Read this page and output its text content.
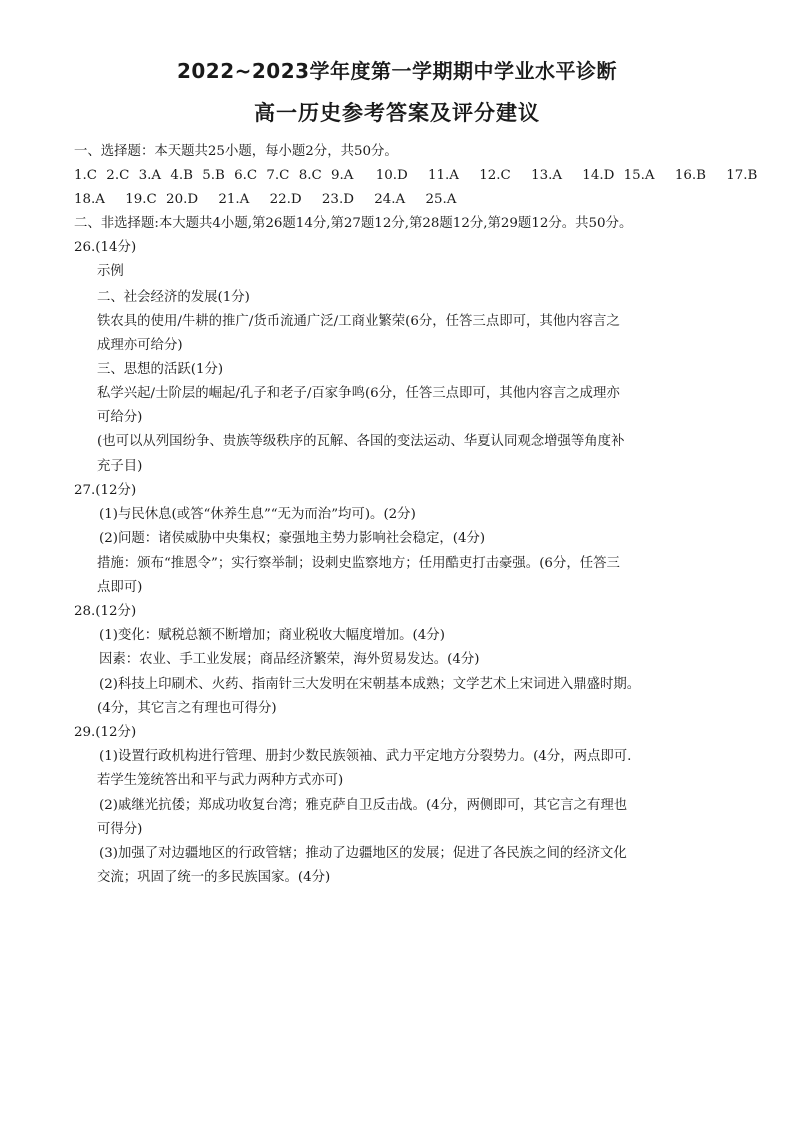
2022~2023学年度第一学期期中学业水平诊断
高一历史参考答案及评分建议
一、选择题：本天题共25小题，每小题2分，共50分。
1.C 2.C 3.A 4.B 5.B 6.C 7.C 8.C 9.A 10.D 11.A 12.C 13.A 14.D 15.A 16.B 17.B
18.A 19.C 20.D 21.A 22.D 23.D 24.A 25.A
二、非选择题:本大题共4小题,第26题14分,第27题12分,第28题12分,第29题12分。共50分。
26.(14分)
示例
二、社会经济的发展(1分)
铁农具的使用/牛耕的推广/货币流通广泛/工商业繁荣(6分，任答三点即可，其他内容言之
成理亦可给分)
三、思想的活跃(1分)
私学兴起/士阶层的崛起/孔子和老子/百家争鸣(6分，任答三点即可，其他内容言之成理亦
可给分)
(也可以从列国纷争、贵族等级秩序的瓦解、各国的变法运动、华夏认同观念增强等角度补
充子目)
27.(12分)
(1)与民休息(或答“休养生息”“无为而治”均可)。(2分)
(2)问题：诸侯威胁中央集权；豪强地主势力影响社会稳定，(4分)
措施：颁布“推恩令”；实行察举制；设刺史监察地方；任用酷吏打击豪强。(6分，任答三
点即可)
28.(12分)
(1)变化：赋税总额不断增加；商业税收大幅度增加。(4分)
因素：农业、手工业发展；商品经济繁荣，海外贸易发达。(4分)
(2)科技上印刷术、火药、指南针三大发明在宋朝基本成熟；文学艺术上宋词进入鼎盛时期。
(4分，其它言之有理也可得分)
29.(12分)
(1)设置行政机构进行管理、册封少数民族领袖、武力平定地方分裂势力。(4分，两点即可.
若学生笼统答出和平与武力两种方式亦可)
(2)戚继光抗倭；郑成功收复台湾；雅克萨自卫反击战。(4分，两侧即可，其它言之有理也
可得分)
(3)加强了对边疆地区的行政管辖；推动了边疆地区的发展；促进了各民族之间的经济文化
交流；巩固了统一的多民族国家。(4分)
